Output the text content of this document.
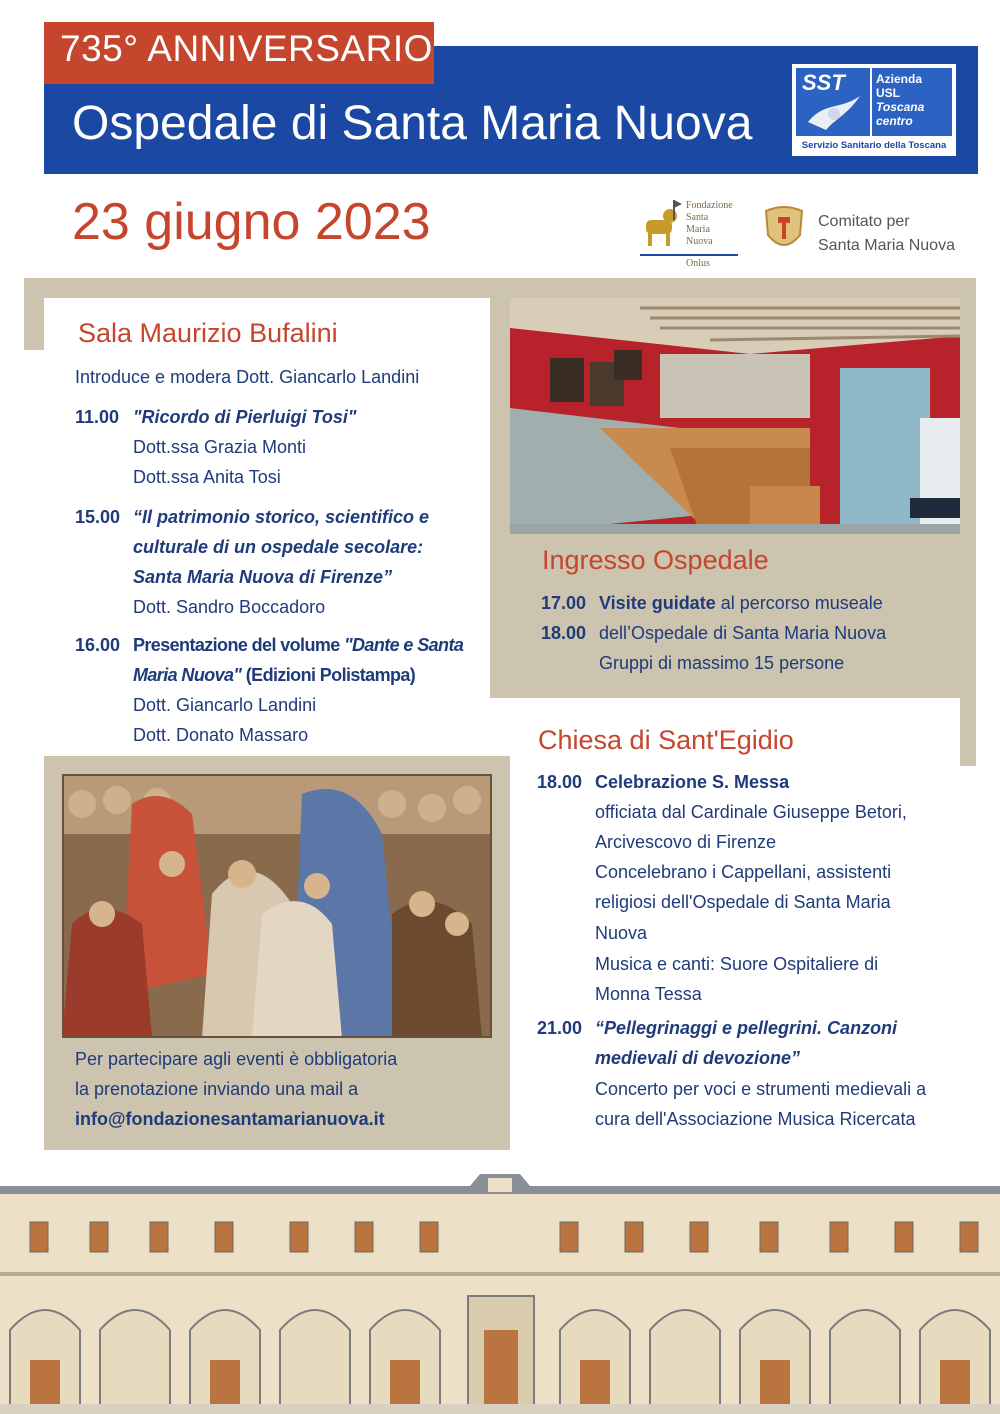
735° ANNIVERSARIO
Ospedale di Santa Maria Nuova
SST	Azienda
USL
Toscana
centro
Servizio Sanitario della Toscana
23 giugno 2023	Fondazione
Santa
Maria
Nuova
Onlus
Comitato per
Santa Maria Nuova
Sala Maurizio Bufalini
Introduce e modera Dott. Giancarlo Landini
11.00 "Ricordo di Pierluigi Tosi"
Dott.ssa Grazia Monti
Dott.ssa Anita Tosi
15.00 “Il patrimonio storico, scientifico e
culturale di un ospedale secolare:
Santa Maria Nuova di Firenze”
Dott. Sandro Boccadoro
16.00 Presentazione del volume "Dante e Santa
Maria Nuova" (Edizioni Polistampa)
Dott. Giancarlo Landini
Dott. Donato Massaro
Ingresso Ospedale
17.00
18.00
Visite guidate al percorso museale
dell’Ospedale di Santa Maria Nuova
Gruppi di massimo 15 persone
Per partecipare agli eventi è obbligatoria
la prenotazione inviando una mail a
info@fondazionesantamarianuova.it
Chiesa di Sant'Egidio
18.00 Celebrazione S. Messa
officiata dal Cardinale Giuseppe Betori,
Arcivescovo di Firenze
Concelebrano i Cappellani, assistenti
religiosi dell'Ospedale di Santa Maria
Nuova
Musica e canti: Suore Ospitaliere di
Monna Tessa
21.00 “Pellegrinaggi e pellegrini. Canzoni
medievali di devozione”
Concerto per voci e strumenti medievali a
cura dell'Associazione Musica Ricercata
